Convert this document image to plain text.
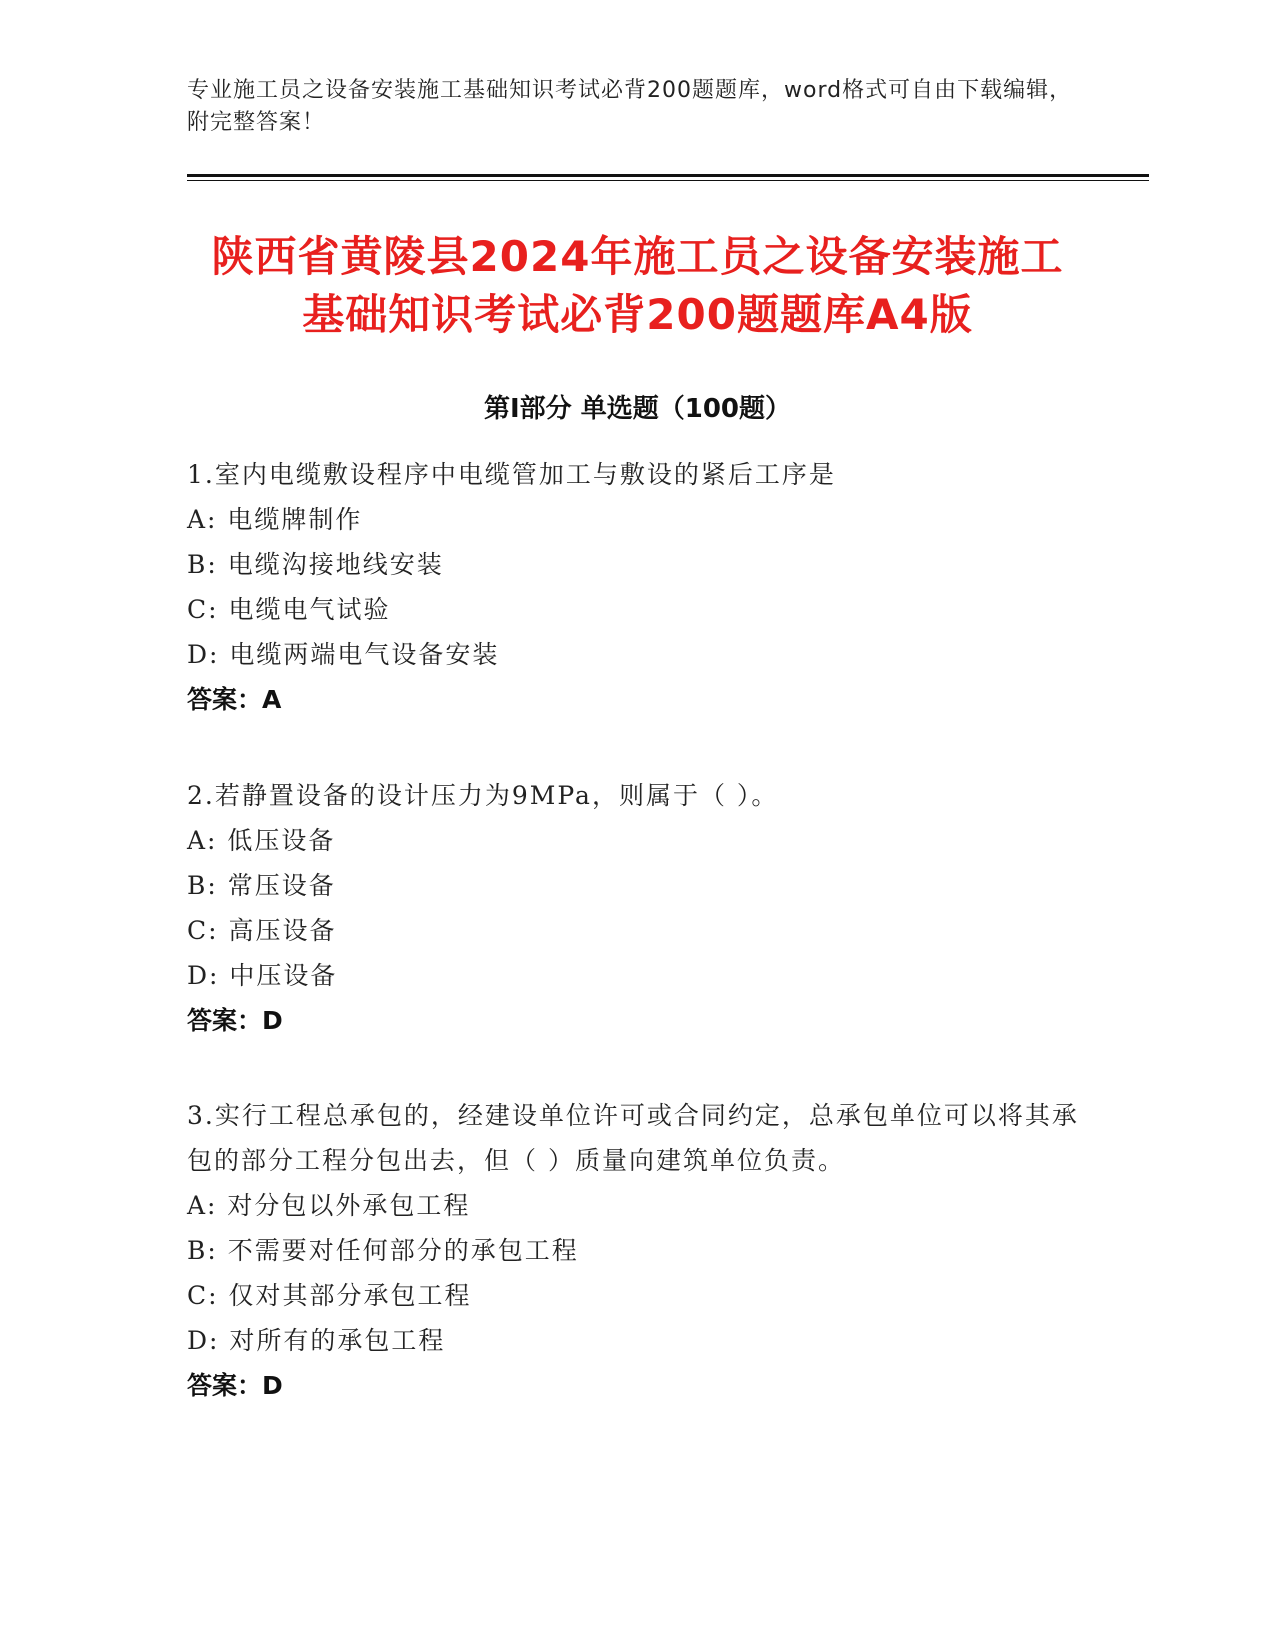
专业施工员之设备安装施工基础知识考试必背200题题库，word格式可自由下载编辑，附完整答案！
陕西省黄陵县2024年施工员之设备安装施工
基础知识考试必背200题题库A4版
第Ⅰ部分 单选题（100题）

1.室内电缆敷设程序中电缆管加工与敷设的紧后工序是

A: 电缆牌制作

B: 电缆沟接地线安装

C: 电缆电气试验

D: 电缆两端电气设备安装

答案：A

2.若静置设备的设计压力为9MPa，则属于（ ）。

A: 低压设备

B: 常压设备

C: 高压设备

D: 中压设备

答案：D

3.实行工程总承包的，经建设单位许可或合同约定，总承包单位可以将其承包的部分工程分包出去，但（ ）质量向建筑单位负责。

A: 对分包以外承包工程

B: 不需要对任何部分的承包工程

C: 仅对其部分承包工程

D: 对所有的承包工程

答案：D
